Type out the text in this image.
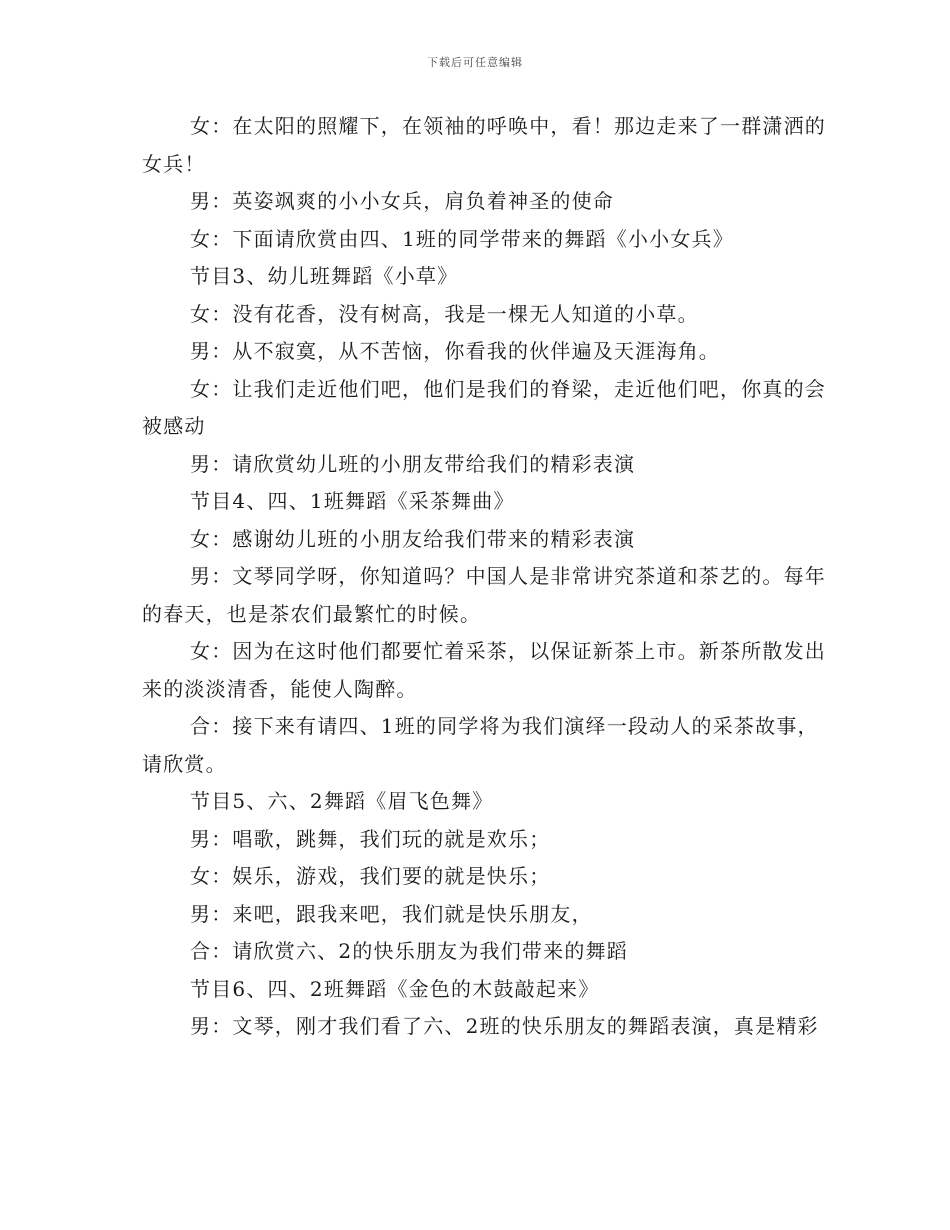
下载后可任意编辑

女：在太阳的照耀下，在领袖的呼唤中，看！那边走来了一群潇洒的女兵！

男：英姿飒爽的小小女兵，肩负着神圣的使命

女：下面请欣赏由四、1班的同学带来的舞蹈《小小女兵》

节目3、幼儿班舞蹈《小草》

女：没有花香，没有树高，我是一棵无人知道的小草。

男：从不寂寞，从不苦恼，你看我的伙伴遍及天涯海角。

女：让我们走近他们吧，他们是我们的脊梁，走近他们吧，你真的会被感动

男：请欣赏幼儿班的小朋友带给我们的精彩表演

节目4、四、1班舞蹈《采茶舞曲》

女：感谢幼儿班的小朋友给我们带来的精彩表演

男：文琴同学呀，你知道吗？中国人是非常讲究茶道和茶艺的。每年的春天，也是茶农们最繁忙的时候。

女：因为在这时他们都要忙着采茶，以保证新茶上市。新茶所散发出来的淡淡清香，能使人陶醉。

合：接下来有请四、1班的同学将为我们演绎一段动人的采茶故事，请欣赏。

节目5、六、2舞蹈《眉飞色舞》

男：唱歌，跳舞，我们玩的就是欢乐；

女：娱乐，游戏，我们要的就是快乐；

男：来吧，跟我来吧，我们就是快乐朋友，

合：请欣赏六、2的快乐朋友为我们带来的舞蹈

节目6、四、2班舞蹈《金色的木鼓敲起来》

男：文琴，刚才我们看了六、2班的快乐朋友的舞蹈表演，真是精彩
